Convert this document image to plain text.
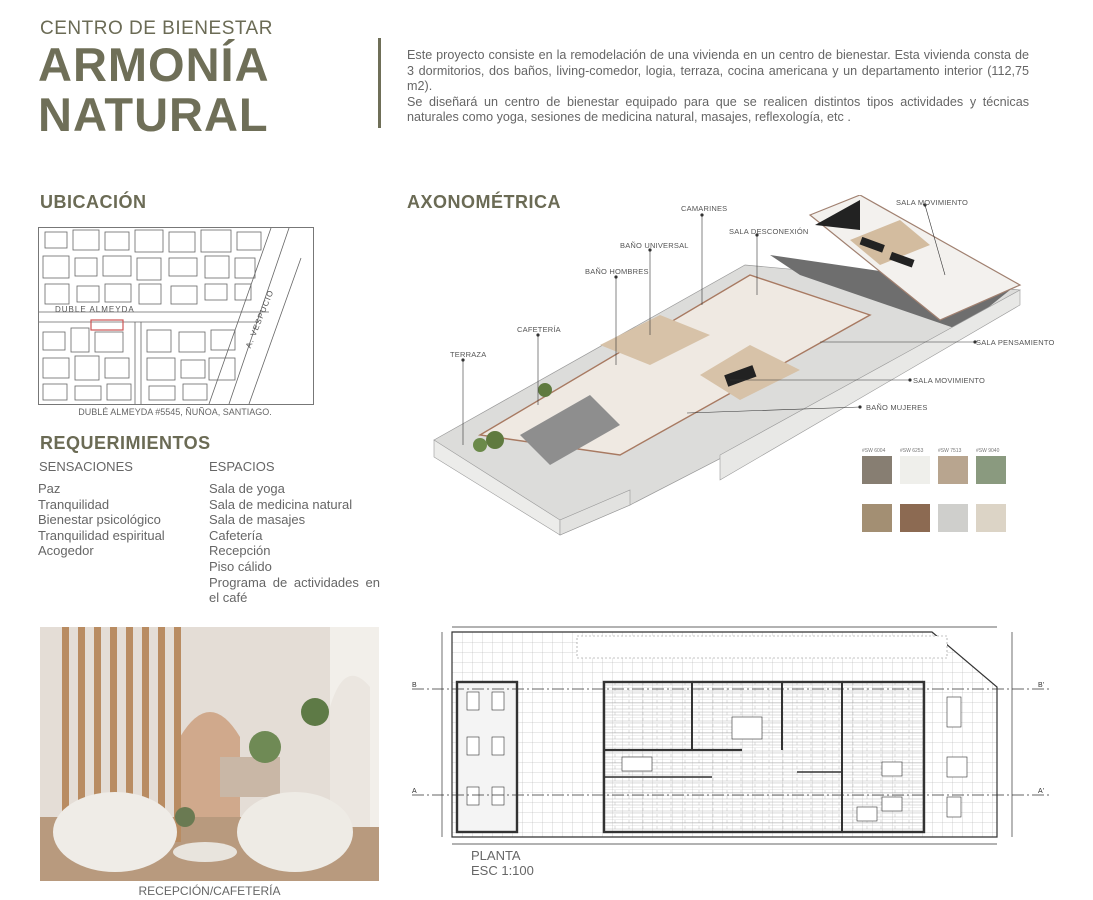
CENTRO DE BIENESTAR
ARMONÍA
NATURAL

Este proyecto consiste en la remodelación de una vivienda en un centro de bienestar. Esta vivienda consta de 3 dormitorios, dos baños, living-comedor, logia, terraza, cocina americana y un departamento interior (112,75 m2).

Se diseñará un centro de bienestar equipado para que se realicen distintos tipos actividades y técnicas naturales como yoga, sesiones de medicina natural, masajes, reflexología, etc .

UBICACIÓN
DUBLE ALMEYDA	A. VESPUCIO
DUBLÉ ALMEYDA #5545, ÑUÑOA, SANTIAGO.
REQUERIMIENTOS
SENSACIONES	ESPACIOS
Paz
Tranquilidad
Bienestar psicológico
Tranquilidad espiritual
Acogedor
Sala de yoga
Sala de medicina natural
Sala de masajes
Cafetería
Recepción
Piso cálido
Programa de actividades en el café
RECEPCIÓN/CAFETERÍA
AXONOMÉTRICA	CAMARINES
SALA MOVIMIENTO
SALA DESCONEXIÓN
BAÑO UNIVERSAL
BAÑO HOMBRES
CAFETERÍA
TERRAZA
SALA PENSAMIENTO
SALA MOVIMIENTO
BAÑO MUJERES
#SW 6004	#SW 6253	#SW 7513	#SW 9040
B	B'
A	A'
PLANTA
ESC 1:100
